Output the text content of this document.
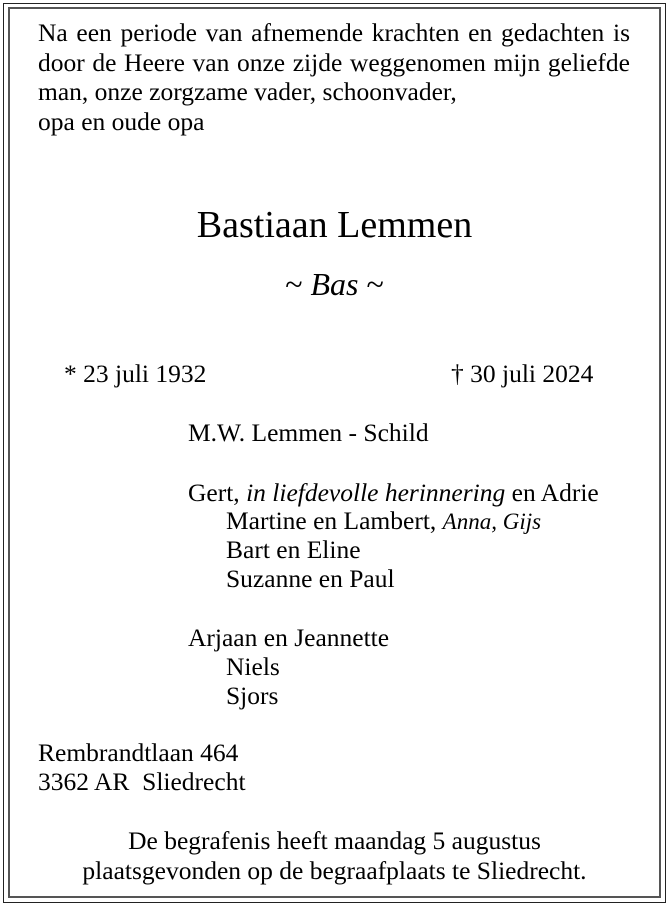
Na een periode van afnemende krachten en gedachten is door de Heere van onze zijde weggenomen mijn geliefde man, onze zorgzame vader, schoonvader,
opa en oude opa

Bastiaan Lemmen
~ Bas ~
* 23 juli 1932	† 30 juli 2024
M.W. Lemmen - Schild
Gert, in liefdevolle herinnering en Adrie
Martine en Lambert, Anna, Gijs
Bart en Eline
Suzanne en Paul
Arjaan en Jeannette
Niels
Sjors
Rembrandtlaan 464
3362 AR  Sliedrecht
De begrafenis heeft maandag 5 augustus
plaatsgevonden op de begraafplaats te Sliedrecht.
